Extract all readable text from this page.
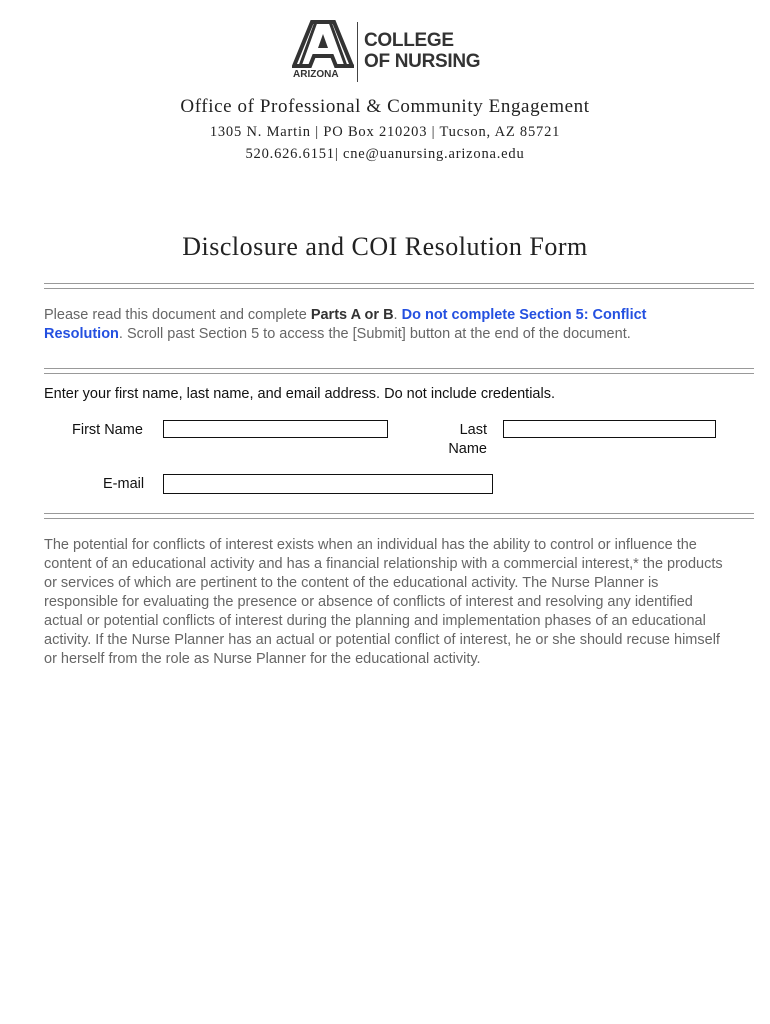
ARIZONA
COLLEGE
OF NURSING
Office of Professional & Community Engagement
1305 N. Martin | PO Box 210203 | Tucson, AZ 85721
520.626.6151| cne@uanursing.arizona.edu
Disclosure and COI Resolution Form
Please read this document and complete Parts A or B. Do not complete Section 5: Conflict Resolution. Scroll past Section 5 to access the [Submit] button at the end of the document.
Enter your first name, last name, and email address. Do not include credentials.
First Name	Last
Name
E-mail
The potential for conflicts of interest exists when an individual has the ability to control or influence the content of an educational activity and has a financial relationship with a commercial interest,* the products or services of which are pertinent to the content of the educational activity. The Nurse Planner is responsible for evaluating the presence or absence of conflicts of interest and resolving any identified actual or potential conflicts of interest during the planning and implementation phases of an educational activity. If the Nurse Planner has an actual or potential conflict of interest, he or she should recuse himself or herself from the role as Nurse Planner for the educational activity.
